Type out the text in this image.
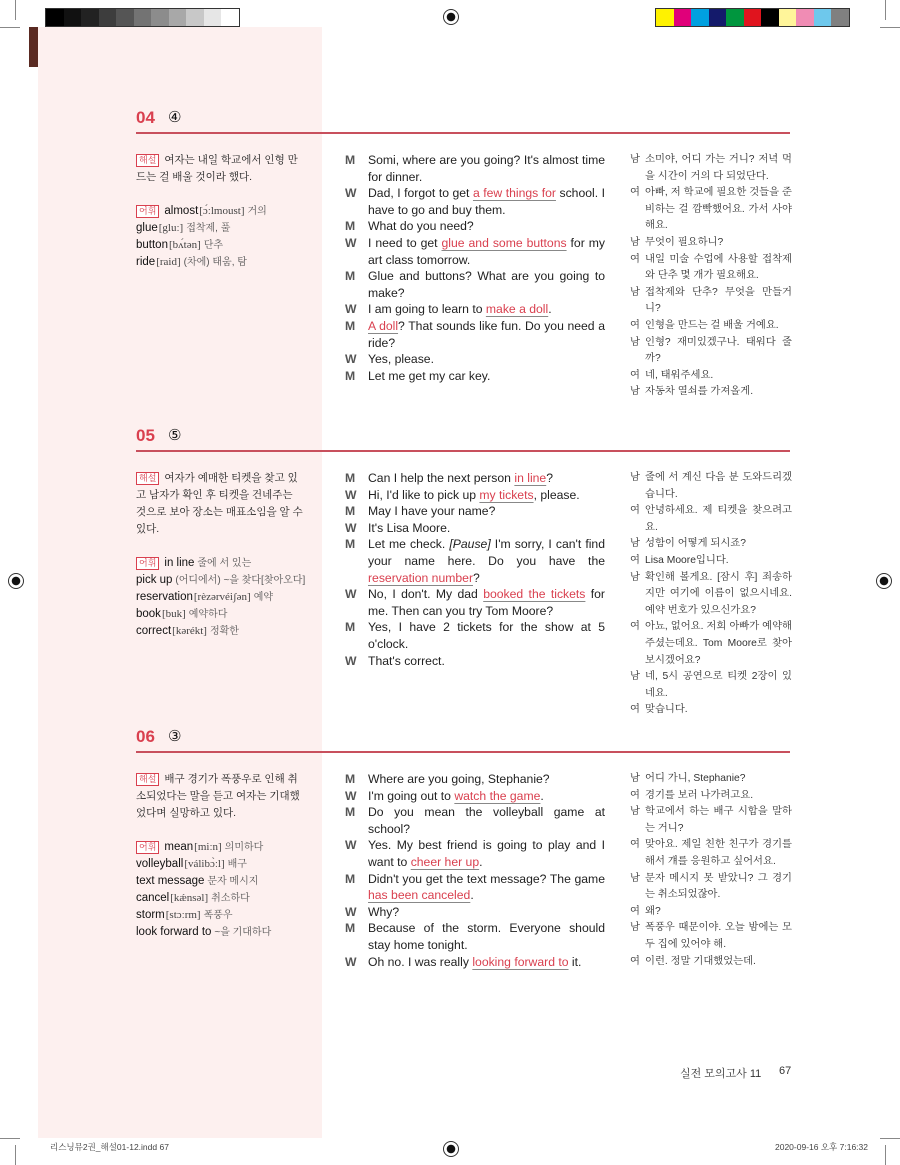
04 ④
해설 여자는 내일 학교에서 인형 만드는 걸 배울 것이라 했다.
어휘 almost[ɔ́ːlmoust] 거의
glue[gluː] 접착제, 풀
button[bʌ́tən] 단추
ride[raid] (차에) 태움, 탐
M	Somi, where are you going? It's almost time for dinner.
W Dad, I forgot to get a few things for school. I have to go and buy them.
M	What do you need?
W I need to get glue and some buttons for my art class tomorrow.
M	Glue and buttons? What are you going to make?
W I am going to learn to make a doll.
M	A doll? That sounds like fun. Do you need a ride?
W Yes, please.
M	Let me get my car key.
남 소미야, 어디 가는 거니? 저녁 먹을 시간이 거의 다 되었단다.
여 아빠, 저 학교에 필요한 것들을 준비하는 걸 깜빡했어요. 가서 사야 해요.
남 무엇이 필요하니?
여 내일 미술 수업에 사용할 접착제와 단추 몇 개가 필요해요.
남 접착제와 단추? 무엇을 만들거니?
여 인형을 만드는 걸 배울 거예요.
남 인형? 재미있겠구나. 태워다 줄까?
여 네, 태워주세요.
남 자동차 열쇠를 가져올게.
05 ⑤
해설 여자가 예매한 티켓을 찾고 있고 남자가 확인 후 티켓을 건네주는 것으로 보아 장소는 매표소임을 알 수 있다.
어휘 in line 줄에 서 있는
pick up (어디에서) ~을 찾다[찾아오다]
reservation[rèzərvéiʃən] 예약
book[buk] 예약하다
correct[kərékt] 정확한
M	Can I help the next person in line?
W Hi, I'd like to pick up my tickets, please.
M	May I have your name?
W It's Lisa Moore.
M	Let me check. [Pause] I'm sorry, I can't find your name here. Do you have the reservation number?
W No, I don't. My dad booked the tickets for me. Then can you try Tom Moore?
M	Yes, I have 2 tickets for the show at 5 o'clock.
W That's correct.
남 줄에 서 계신 다음 분 도와드리겠습니다.
여 안녕하세요. 제 티켓을 찾으려고요.
남 성함이 어떻게 되시죠?
여 Lisa Moore입니다.
남 확인해 볼게요. [잠시 후] 죄송하지만 여기에 이름이 없으시네요. 예약 번호가 있으신가요?
여 아뇨, 없어요. 저희 아빠가 예약해 주셨는데요. Tom Moore로 찾아보시겠어요?
남 네, 5시 공연으로 티켓 2장이 있네요.
여 맞습니다.
06 ③
해설 배구 경기가 폭풍우로 인해 취소되었다는 말을 듣고 여자는 기대했었다며 실망하고 있다.
어휘 mean[miːn] 의미하다
volleyball[válibɔ̀ːl] 배구
text message 문자 메시지
cancel[kǽnsəl] 취소하다
storm[stɔːrm] 폭풍우
look forward to ~을 기대하다
M	Where are you going, Stephanie?
W I'm going out to watch the game.
M	Do you mean the volleyball game at school?
W Yes. My best friend is going to play and I want to cheer her up.
M	Didn't you get the text message? The game has been canceled.
W Why?
M	Because of the storm. Everyone should stay home tonight.
W Oh no. I was really looking forward to it.
남 어디 가니, Stephanie?
여 경기를 보러 나가려고요.
남 학교에서 하는 배구 시합을 말하는 거니?
여 맞아요. 제일 친한 친구가 경기를 해서 걔를 응원하고 싶어서요.
남 문자 메시지 못 받았니? 그 경기는 취소되었잖아.
여 왜?
남 폭풍우 때문이야. 오늘 밤에는 모두 집에 있어야 해.
여 이런. 정말 기대했었는데.
실전 모의고사 11 67
리스닝뮤2권_해설01-12.indd 67	2020-09-16 오후 7:16:32
